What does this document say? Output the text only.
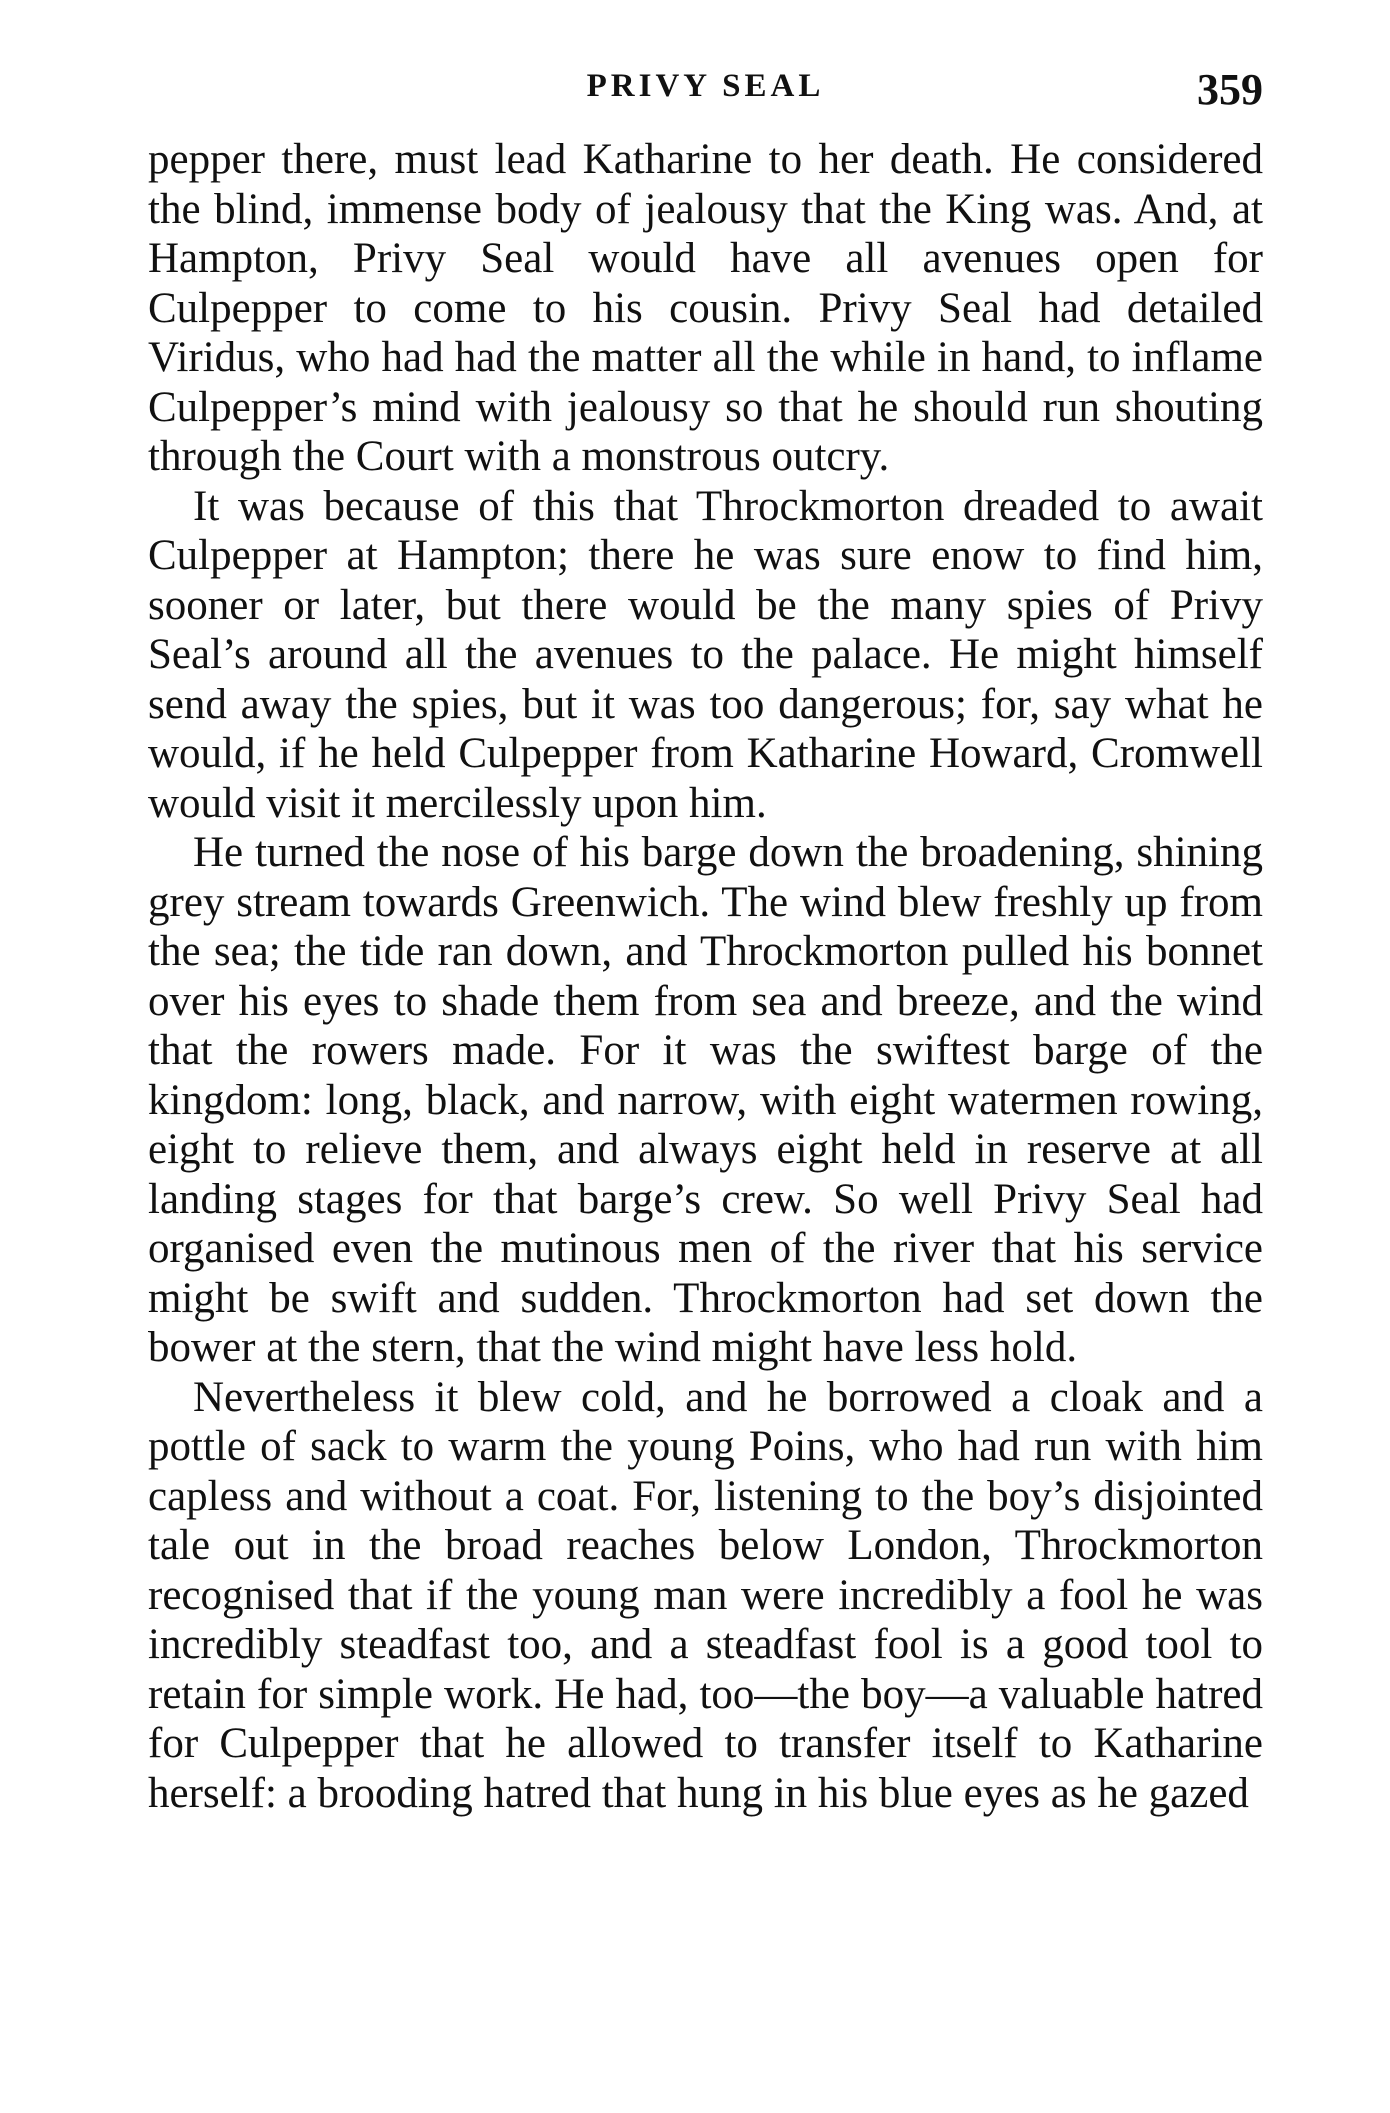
PRIVY SEAL	359

pepper there, must lead Katharine to her death. He considered the blind, immense body of jealousy that the King was. And, at Hampton, Privy Seal would have all avenues open for Culpepper to come to his cousin. Privy Seal had detailed Viridus, who had had the matter all the while in hand, to inflame Culpepper’s mind with jealousy so that he should run shouting through the Court with a monstrous outcry.

It was because of this that Throckmorton dreaded to await Culpepper at Hampton; there he was sure enow to find him, sooner or later, but there would be the many spies of Privy Seal’s around all the avenues to the palace. He might himself send away the spies, but it was too dangerous; for, say what he would, if he held Culpepper from Katharine Howard, Cromwell would visit it mercilessly upon him.

He turned the nose of his barge down the broadening, shining grey stream towards Greenwich. The wind blew freshly up from the sea; the tide ran down, and Throckmorton pulled his bonnet over his eyes to shade them from sea and breeze, and the wind that the rowers made. For it was the swiftest barge of the kingdom: long, black, and narrow, with eight watermen rowing, eight to relieve them, and always eight held in reserve at all landing stages for that barge’s crew. So well Privy Seal had organised even the mutinous men of the river that his service might be swift and sudden. Throckmorton had set down the bower at the stern, that the wind might have less hold.

Nevertheless it blew cold, and he borrowed a cloak and a pottle of sack to warm the young Poins, who had run with him capless and without a coat. For, listening to the boy’s disjointed tale out in the broad reaches below London, Throckmorton recognised that if the young man were incredibly a fool he was incredibly steadfast too, and a steadfast fool is a good tool to retain for simple work. He had, too—the boy—a valuable hatred for Culpepper that he allowed to transfer itself to Katharine herself: a brooding hatred that hung in his blue eyes as he gazed
